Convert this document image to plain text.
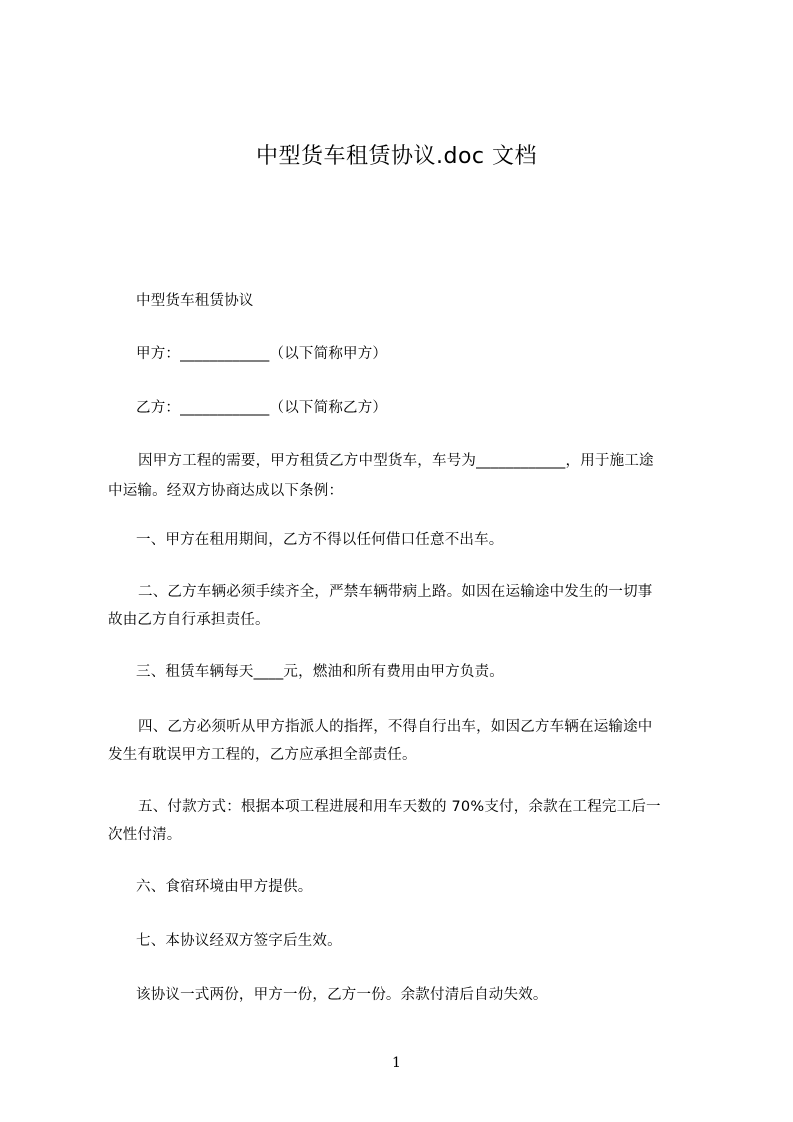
中型货车租赁协议.doc 文档
中型货车租赁协议
甲方：____________（以下简称甲方）
乙方：____________（以下简称乙方）
因甲方工程的需要，甲方租赁乙方中型货车，车号为____________，用于施工途
中运输。经双方协商达成以下条例：
一、甲方在租用期间，乙方不得以任何借口任意不出车。
二、乙方车辆必须手续齐全，严禁车辆带病上路。如因在运输途中发生的一切事
故由乙方自行承担责任。
三、租赁车辆每天____元，燃油和所有费用由甲方负责。
四、乙方必须听从甲方指派人的指挥，不得自行出车，如因乙方车辆在运输途中
发生有耽误甲方工程的，乙方应承担全部责任。
五、付款方式：根据本项工程进展和用车天数的 70%支付，余款在工程完工后一
次性付清。
六、食宿环境由甲方提供。
七、本协议经双方签字后生效。
该协议一式两份，甲方一份，乙方一份。余款付清后自动失效。
1
